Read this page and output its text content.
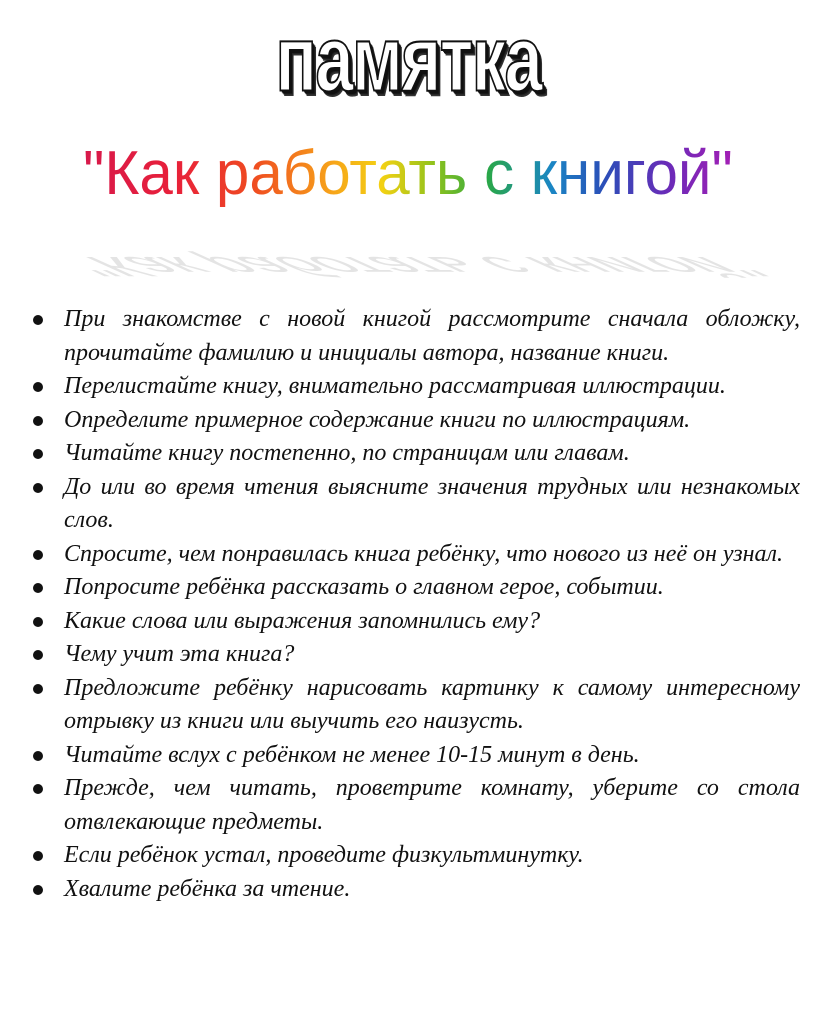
памятка
"Как работать с книгой"
"Как работать с книгой"
При знакомстве с новой книгой рассмотрите сначала обложку, прочитайте фамилию и инициалы автора, название книги.
Перелистайте книгу, внимательно рассматривая иллюстрации.
Определите примерное содержание книги по иллюстрациям.
Читайте книгу постепенно, по страницам или главам.
До или во время чтения выясните значения трудных или незнакомых слов.
Спросите, чем понравилась книга ребёнку, что нового из неё он узнал.
Попросите ребёнка рассказать о главном герое, событии.
Какие слова или выражения запомнились ему?
Чему учит эта книга?
Предложите ребёнку нарисовать картинку к самому интересному отрывку из книги или выучить его наизусть.
Читайте вслух с ребёнком не менее 10-15 минут в день.
Прежде, чем читать, проветрите комнату, уберите со стола отвлекающие предметы.
Если ребёнок устал, проведите физкультминутку.
Хвалите ребёнка за чтение.
